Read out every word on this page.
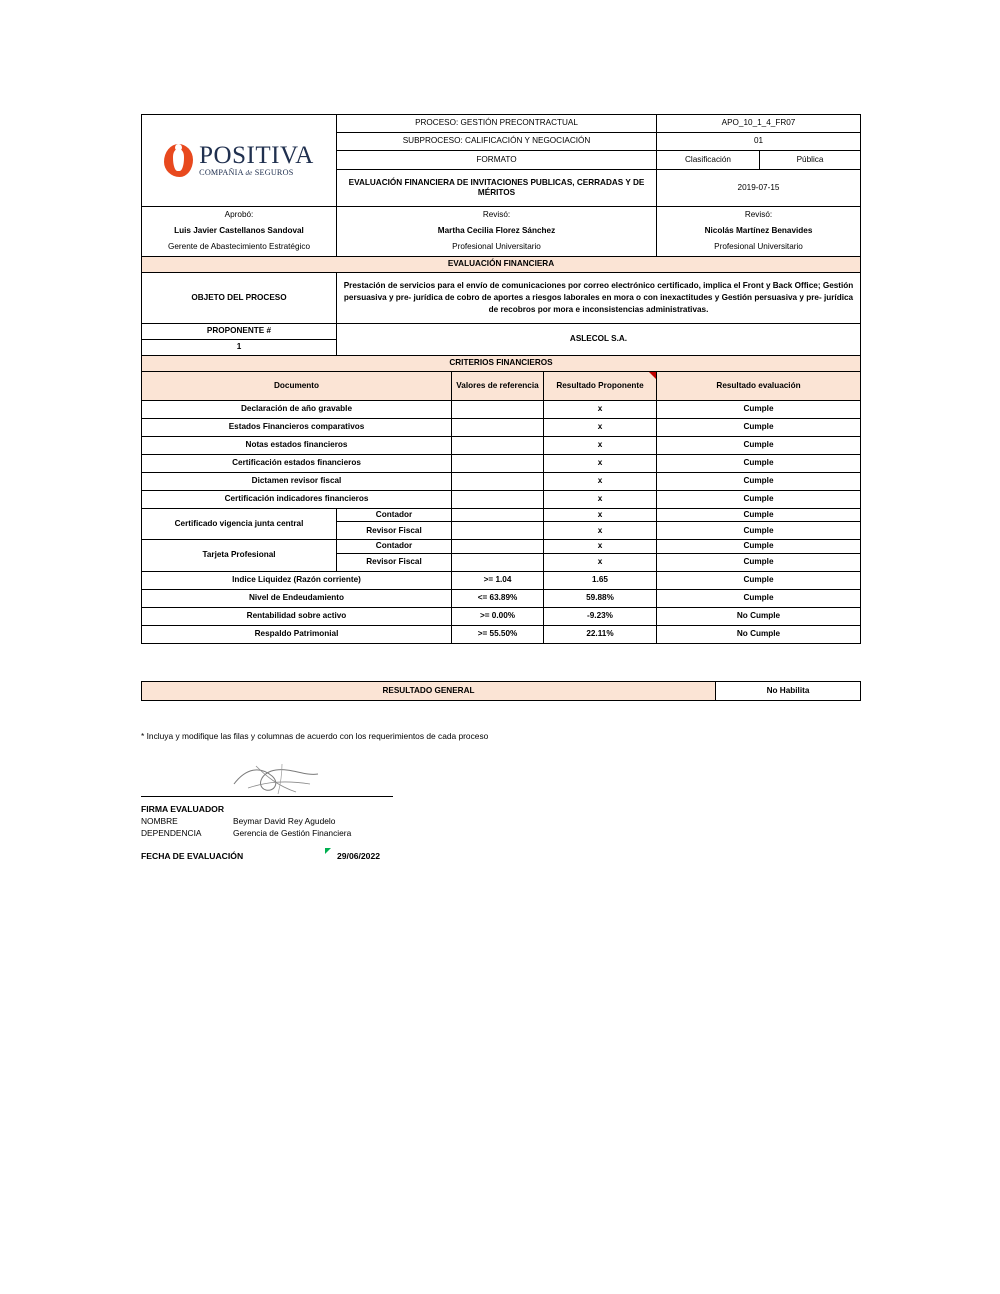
POSITIVA
COMPAÑIA de SEGUROS	PROCESO: GESTIÓN PRECONTRACTUAL	APO_10_1_4_FR07	
	SUBPROCESO: CALIFICACIÓN Y NEGOCIACIÓN	01	
	FORMATO	Clasificación	Pública
	EVALUACIÓN FINANCIERA DE INVITACIONES PUBLICAS, CERRADAS Y DE MÉRITOS	2019-07-15	
Aprobó:	Revisó:	Revisó:	
Luis Javier Castellanos Sandoval	Martha Cecilia Florez Sánchez	Nicolás Martínez Benavides	
Gerente de Abastecimiento Estratégico	Profesional Universitario	Profesional Universitario	
EVALUACIÓN FINANCIERA			
OBJETO DEL PROCESO	Prestación de servicios para el envío de comunicaciones por correo electrónico certificado, implica el Front y Back Office; Gestión persuasiva y pre- jurídica de cobro de aportes a riesgos laborales en mora o con inexactitudes y Gestión persuasiva y pre- jurídica de recobros por mora e inconsistencias administrativas.		
PROPONENTE #	ASLECOL S.A.		
1			
CRITERIOS FINANCIEROS			
Documento		Valores de referencia	Resultado Proponente	Resultado evaluación
Declaración de año gravable			x	Cumple
Estados Financieros comparativos			x	Cumple
Notas estados financieros			x	Cumple
Certificación estados financieros			x	Cumple
Dictamen revisor fiscal			x	Cumple
Certificación indicadores financieros			x	Cumple
Certificado vigencia junta central	Contador		x	Cumple
	Revisor Fiscal		x	Cumple
Tarjeta Profesional	Contador		x	Cumple
	Revisor Fiscal		x	Cumple
Indice Liquidez (Razón corriente)		>= 1.04	1.65	Cumple
Nivel de Endeudamiento		<= 63.89%	59.88%	Cumple
Rentabilidad sobre activo		>= 0.00%	-9.23%	No Cumple
Respaldo Patrimonial		>= 55.50%	22.11%	No Cumple
RESULTADO GENERAL	No Habilita
* Incluya y modifique las filas y columnas de acuerdo con los requerimientos de cada proceso
FIRMA EVALUADOR
NOMBRE	Beymar David Rey Agudelo
DEPENDENCIA	Gerencia de Gestión Financiera
FECHA DE EVALUACIÓN	29/06/2022
